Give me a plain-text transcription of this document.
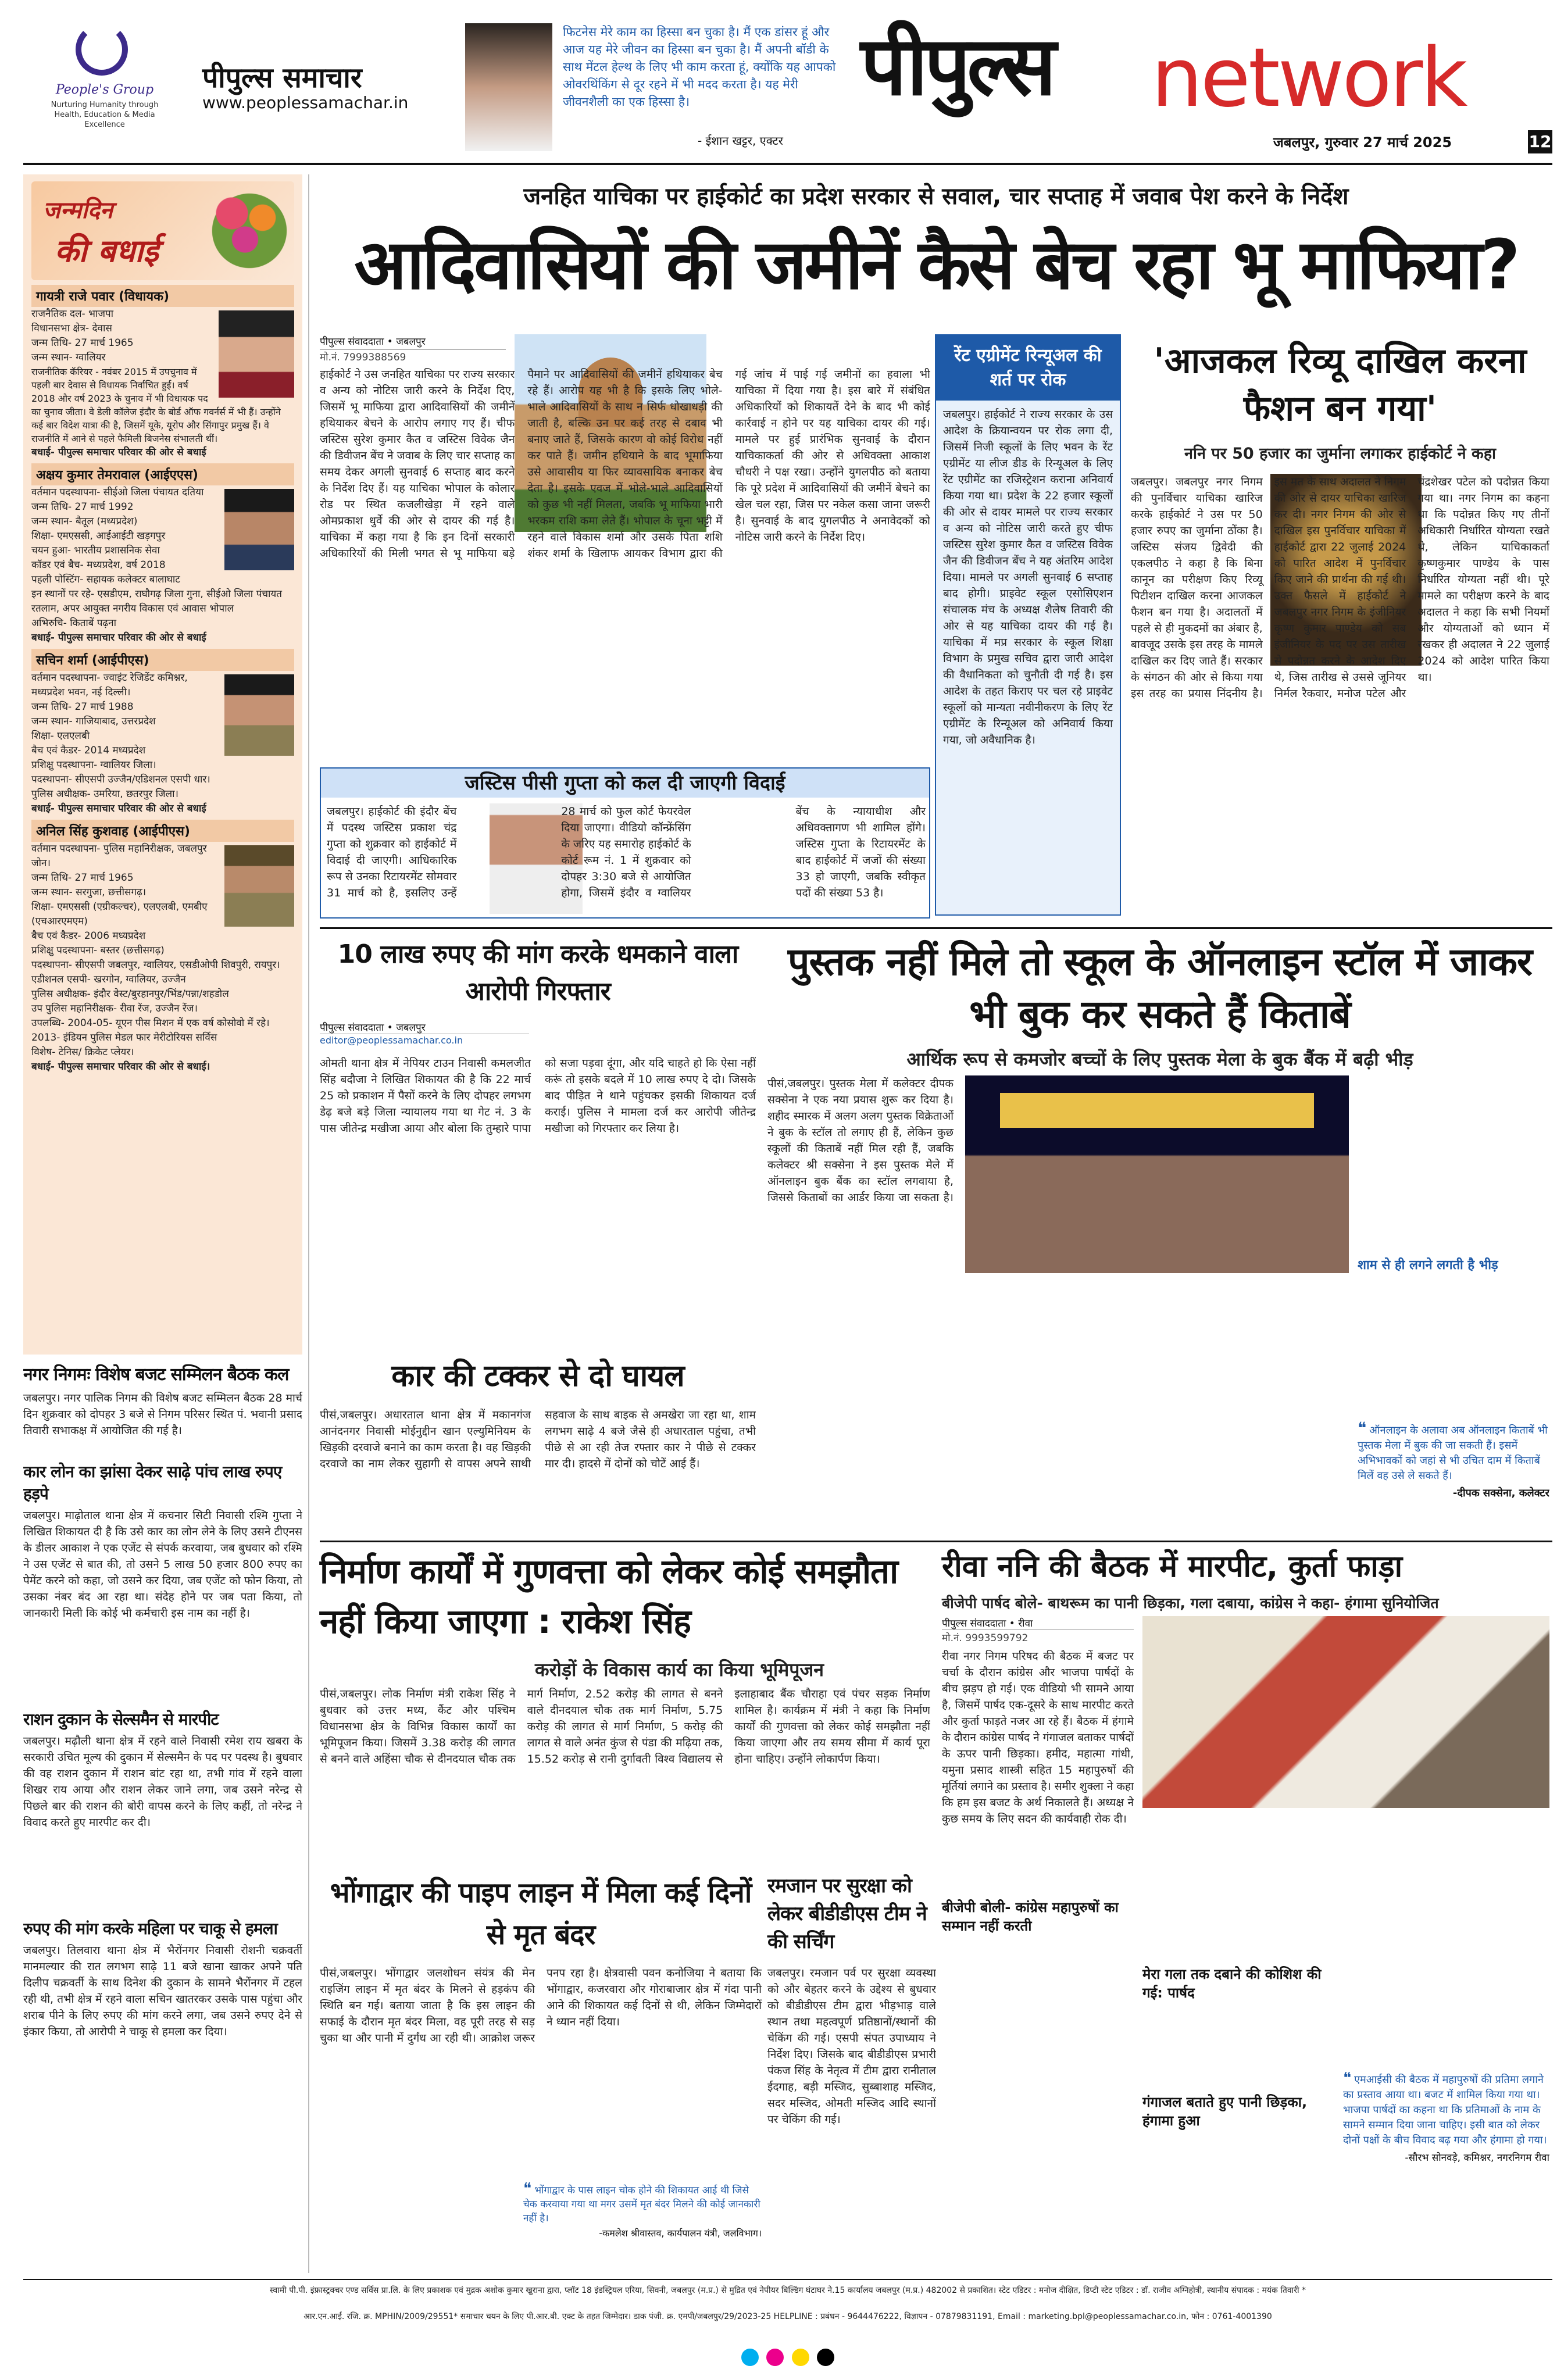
People's Group
Nurturing Humanity through Health, Education & Media Excellence
पीपुल्स समाचार
www.peoplessamachar.in
फिटनेस मेरे काम का हिस्सा बन चुका है। मैं एक डांसर हूं और आज यह मेरे जीवन का हिस्सा बन चुका है। मैं अपनी बॉडी के साथ मेंटल हेल्थ के लिए भी काम करता हूं, क्योंकि यह आपको ओवरथिंकिंग से दूर रहने में भी मदद करता है। यह मेरी जीवनशैली का एक हिस्सा है।
- ईशान खट्टर, एक्टर
पीपुल्स network
जबलपुर, गुरुवार 27 मार्च 2025	12
जन्मदिन
की बधाई
गायत्री राजे पवार (विधायक)
राजनैतिक दल- भाजपा
विधानसभा क्षेत्र- देवास
जन्म तिथि- 27 मार्च 1965
जन्म स्थान- ग्वालियर
राजनीतिक कॅरियर - नवंबर 2015 में उपचुनाव में पहली बार देवास से विधायक निर्वाचित हुई। वर्ष 2018 और वर्ष 2023 के चुनाव में भी विधायक पद का चुनाव जीता। वे डेली कॉलेज इंदौर के बोर्ड ऑफ गवर्नर्स में भी हैं। उन्होंने कई बार विदेश यात्रा की है, जिसमें यूके, यूरोप और सिंगापुर प्रमुख हैं। वे राजनीति में आने से पहले फैमिली बिजनेस संभालती थीं।
बधाई- पीपुल्स समाचार परिवार की ओर से बधाई
अक्षय कुमार तेमरावाल (आईएएस)
वर्तमान पदस्थापना- सीईओ जिला पंचायत दतिया
जन्म तिथि- 27 मार्च 1992
जन्म स्थान- बैतूल (मध्यप्रदेश)
शिक्षा- एमएससी, आईआईटी खड़गपुर
चयन हुआ- भारतीय प्रशासनिक सेवा
कॉडर एवं बैच- मध्यप्रदेश, वर्ष 2018
पहली पोस्टिंग- सहायक कलेक्टर बालाघाट
इन स्थानों पर रहे- एसडीएम, राघौगढ़ जिला गुना, सीईओ जिला पंचायत रतलाम, अपर आयुक्त नगरीय विकास एवं आवास भोपाल
अभिरुचि- किताबें पढ़ना
बधाई- पीपुल्स समाचार परिवार की ओर से बधाई
सचिन शर्मा (आईपीएस)
वर्तमान पदस्थापना- ज्वाइंट रेजिडेंट कमिश्नर, मध्यप्रदेश भवन, नई दिल्ली।
जन्म तिथि- 27 मार्च 1988
जन्म स्थान- गाजियाबाद, उत्तरप्रदेश
शिक्षा- एलएलबी
बैच एवं कैडर- 2014 मध्यप्रदेश
प्रशिक्षु पदस्थापना- ग्वालियर जिला।
पदस्थापना- सीएसपी उज्जैन/एडिशनल एसपी धार।
पुलिस अधीक्षक- उमरिया, छतरपुर जिला।
बधाई- पीपुल्स समाचार परिवार की ओर से बधाई
अनिल सिंह कुशवाह (आईपीएस)
वर्तमान पदस्थापना- पुलिस महानिरीक्षक, जबलपुर जोन।
जन्म तिथि- 27 मार्च 1965
जन्म स्थान- सरगुजा, छत्तीसगढ़।
शिक्षा- एमएससी (एग्रीकल्चर), एलएलबी, एमबीए (एचआरएमएम)
बैच एवं कैडर- 2006 मध्यप्रदेश
प्रशिक्षु पदस्थापना- बस्तर (छत्तीसगढ़)
पदस्थापना- सीएसपी जबलपुर, ग्वालियर, एसडीओपी शिवपुरी, रायपुर।
एडीशनल एसपी- खरगोन, ग्वालियर, उज्जैन
पुलिस अधीक्षक- इंदौर वेस्ट/बुरहानपुर/भिंड/पन्ना/शहडोल
उप पुलिस महानिरीक्षक- रीवा रेंज, उज्जैन रेंज।
उपलब्धि- 2004-05- यूएन पीस मिशन में एक वर्ष कोसोवो में रहे।
2013- इंडियन पुलिस मेडल फार मेरीटोरियस सर्विस
विशेष- टेनिस/ क्रिकेट प्लेयर।
बधाई- पीपुल्स समाचार परिवार की ओर से बधाई।
नगर निगमः विशेष बजट सम्मिलन बैठक कल
जबलपुर। नगर पालिक निगम की विशेष बजट सम्मिलन बैठक 28 मार्च दिन शुक्रवार को दोपहर 3 बजे से निगम परिसर स्थित पं. भवानी प्रसाद तिवारी सभाकक्ष में आयोजित की गई है।
कार लोन का झांसा देकर साढ़े पांच लाख रुपए हड़पे
जबलपुर। माढ़ोताल थाना क्षेत्र में कचनार सिटी निवासी रश्मि गुप्ता ने लिखित शिकायत दी है कि उसे कार का लोन लेने के लिए उसने टीएनस के डीलर आकाश ने एक एजेंट से संपर्क करवाया, जब बुधवार को रश्मि ने उस एजेंट से बात की, तो उसने 5 लाख 50 हजार 800 रुपए का पेमेंट करने को कहा, जो उसने कर दिया, जब एजेंट को फोन किया, तो उसका नंबर बंद आ रहा था। संदेह होने पर जब पता किया, तो जानकारी मिली कि कोई भी कर्मचारी इस नाम का नहीं है।
राशन दुकान के सेल्समैन से मारपीट
जबलपुर। मढ़ौली थाना क्षेत्र में रहने वाले निवासी रमेश राय खबरा के सरकारी उचित मूल्य की दुकान में सेल्समैन के पद पर पदस्थ है। बुधवार की वह राशन दुकान में राशन बांट रहा था, तभी गांव में रहने वाला शिखर राय आया और राशन लेकर जाने लगा, जब उसने नरेन्द्र से पिछले बार की राशन की बोरी वापस करने के लिए कहीं, तो नरेन्द्र ने विवाद करते हुए मारपीट कर दी।
रुपए की मांग करके महिला पर चाकू से हमला
जबलपुर। तिलवारा थाना क्षेत्र में भैरोंनगर निवासी रोशनी चक्रवर्ती मानमल्यार की रात लगभग साढ़े 11 बजे खाना खाकर अपने पति दिलीप चक्रवर्ती के साथ दिनेश की दुकान के सामने भैरोंनगर में टहल रही थी, तभी क्षेत्र में रहने वाला सचिन खातरकर उसके पास पहुंचा और शराब पीने के लिए रुपए की मांग करने लगा, जब उसने रुपए देने से इंकार किया, तो आरोपी ने चाकू से हमला कर दिया।
जनहित याचिका पर हाईकोर्ट का प्रदेश सरकार से सवाल, चार सप्ताह में जवाब पेश करने के निर्देश
आदिवासियों की जमीनें कैसे बेच रहा भू माफिया?
पीपुल्स संवाददाता • जबलपुर
मो.नं. 7999388569
हाईकोर्ट ने उस जनहित याचिका पर राज्य सरकार व अन्य को नोटिस जारी करने के निर्देश दिए, जिसमें भू माफिया द्वारा आदिवासियों की जमीनें हथियाकर बेचने के आरोप लगाए गए हैं। चीफ जस्टिस सुरेश कुमार कैत व जस्टिस विवेक जैन की डिवीजन बेंच ने जवाब के लिए चार सप्ताह का समय देकर अगली सुनवाई 6 सप्ताह बाद करने के निर्देश दिए हैं। यह याचिका भोपाल के कोलार रोड पर स्थित कजलीखेड़ा में रहने वाले ओमप्रकाश धुर्वे की ओर से दायर की गई है। याचिका में कहा गया है कि इन दिनों सरकारी अधिकारियों की मिली भगत से भू माफिया बड़े पैमाने पर आदिवासियों की जमीनें हथियाकर बेच रहे हैं। आरोप यह भी है कि इसके लिए भोले-भाले आदिवासियों के साथ न सिर्फ धोखाधड़ी की जाती है, बल्कि उन पर कई तरह से दबाव भी बनाए जाते हैं, जिसके कारण वो कोई विरोध नहीं कर पाते हैं। जमीन हथियाने के बाद भूमाफिया उसे आवासीय या फिर व्यावसायिक बनाकर बेच देता है। इसके एवज में भोले-भाले आदिवासियों को कुछ भी नहीं मिलता, जबकि भू माफिया भारी भरकम राशि कमा लेते हैं। भोपाल के चूना भट्टी में रहने वाले विकास शर्मा और उसके पिता शशि शंकर शर्मा के खिलाफ आयकर विभाग द्वारा की गई जांच में पाई गई जमीनों का हवाला भी याचिका में दिया गया है। इस बारे में संबंधित अधिकारियों को शिकायतें देने के बाद भी कोई कार्रवाई न होने पर यह याचिका दायर की गई। मामले पर हुई प्रारंभिक सुनवाई के दौरान याचिकाकर्ता की ओर से अधिवक्ता आकाश चौधरी ने पक्ष रखा। उन्होंने युगलपीठ को बताया कि पूरे प्रदेश में आदिवासियों की जमीनें बेचने का खेल चल रहा, जिस पर नकेल कसा जाना जरूरी है। सुनवाई के बाद युगलपीठ ने अनावेदकों को नोटिस जारी करने के निर्देश दिए।
रेंट एग्रीमेंट रिन्यूअल की शर्त पर रोक
जबलपुर। हाईकोर्ट ने राज्य सरकार के उस आदेश के क्रियान्वयन पर रोक लगा दी, जिसमें निजी स्कूलों के लिए भवन के रेंट एग्रीमेंट या लीज डीड के रिन्यूअल के लिए रेंट एग्रीमेंट का रजिस्ट्रेशन कराना अनिवार्य किया गया था। प्रदेश के 22 हजार स्कूलों की ओर से दायर मामले पर राज्य सरकार व अन्य को नोटिस जारी करते हुए चीफ जस्टिस सुरेश कुमार कैत व जस्टिस विवेक जैन की डिवीजन बेंच ने यह अंतरिम आदेश दिया। मामले पर अगली सुनवाई 6 सप्ताह बाद होगी। प्राइवेट स्कूल एसोसिएशन संचालक मंच के अध्यक्ष शैलेष तिवारी की ओर से यह याचिका दायर की गई है। याचिका में मप्र सरकार के स्कूल शिक्षा विभाग के प्रमुख सचिव द्वारा जारी आदेश की वैधानिकता को चुनौती दी गई है। इस आदेश के तहत किराए पर चल रहे प्राइवेट स्कूलों को मान्यता नवीनीकरण के लिए रेंट एग्रीमेंट के रिन्यूअल को अनिवार्य किया गया, जो अवैधानिक है।
'आजकल रिव्यू दाखिल करना फैशन बन गया'
ननि पर 50 हजार का जुर्माना लगाकर हाईकोर्ट ने कहा
जबलपुर। जबलपुर नगर निगम की पुनर्विचार याचिका खारिज करके हाईकोर्ट ने उस पर 50 हजार रुपए का जुर्माना ठोंका है। जस्टिस संजय द्विवेदी की एकलपीठ ने कहा है कि बिना कानून का परीक्षण किए रिव्यू पिटीशन दाखिल करना आजकल फैशन बन गया है। अदालतों में पहले से ही मुकदमों का अंबार है, बावजूद उसके इस तरह के मामले दाखिल कर दिए जाते हैं। सरकार के संगठन की ओर से किया गया इस तरह का प्रयास निंदनीय है। इस मत के साथ अदालत ने निगम की ओर से दायर याचिका खारिज कर दी। नगर निगम की ओर से दाखिल इस पुनर्विचार याचिका में हाईकोर्ट द्वारा 22 जुलाई 2024 को पारित आदेश में पुनर्विचार किए जाने की प्रार्थना की गई थी। उक्त फैसले में हाईकोर्ट ने जबलपुर नगर निगम के इंजीनियर कृष्ण कुमार पाण्डेय को सब इंजीनियर के पद पर उस तारीख से पदोन्नत करने के आदेश दिए थे, जिस तारीख से उससे जूनियर निर्मल रैकवार, मनोज पटेल और चंद्रशेखर पटेल को पदोन्नत किया गया था। नगर निगम का कहना था कि पदोन्नत किए गए तीनों अधिकारी निर्धारित योग्यता रखते थे, लेकिन याचिकाकर्ता कृष्णकुमार पाण्डेय के पास निर्धारित योग्यता नहीं थी। पूरे मामले का परीक्षण करने के बाद अदालत ने कहा कि सभी नियमों और योग्यताओं को ध्यान में रखकर ही अदालत ने 22 जुलाई 2024 को आदेश पारित किया था।
जस्टिस पीसी गुप्ता को कल दी जाएगी विदाई
जबलपुर। हाईकोर्ट की इंदौर बेंच में पदस्थ जस्टिस प्रकाश चंद्र गुप्ता को शुक्रवार को हाईकोर्ट में विदाई दी जाएगी। आधिकारिक रूप से उनका रिटायरमेंट सोमवार 31 मार्च को है, इसलिए उन्हें 28 मार्च को फुल कोर्ट फेयरवेल दिया जाएगा। वीडियो कॉन्फ्रेंसिंग के जरिए यह समारोह हाईकोर्ट के कोर्ट रूम नं. 1 में शुक्रवार को दोपहर 3:30 बजे से आयोजित होगा, जिसमें इंदौर व ग्वालियर बेंच के न्यायाधीश और अधिवक्तागण भी शामिल होंगे। जस्टिस गुप्ता के रिटायरमेंट के बाद हाईकोर्ट में जजों की संख्या 33 हो जाएगी, जबकि स्वीकृत पदों की संख्या 53 है।
10 लाख रुपए की मांग करके धमकाने वाला आरोपी गिरफ्तार
पीपुल्स संवाददाता • जबलपुर
editor@peoplessamachar.co.in
ओमती थाना क्षेत्र में नेपियर टाउन निवासी कमलजीत सिंह बदौजा ने लिखित शिकायत की है कि 22 मार्च 25 को प्रकाशन में पैसों करने के लिए दोपहर लगभग डेढ़ बजे बड़े जिला न्यायालय गया था गेट नं. 3 के पास जीतेन्द्र मखीजा आया और बोला कि तुम्हारे पापा को सजा पड़वा दूंगा, और यदि चाहते हो कि ऐसा नहीं करूं तो इसके बदले में 10 लाख रुपए दे दो। जिसके बाद पीड़ित ने थाने पहुंचकर इसकी शिकायत दर्ज कराई। पुलिस ने मामला दर्ज कर आरोपी जीतेन्द्र मखीजा को गिरफ्तार कर लिया है।
पुस्तक नहीं मिले तो स्कूल के ऑनलाइन स्टॉल में जाकर भी बुक कर सकते हैं किताबें
आर्थिक रूप से कमजोर बच्चों के लिए पुस्तक मेला के बुक बैंक में बढ़ी भीड़
पीसं,जबलपुर। पुस्तक मेला में कलेक्टर दीपक सक्सेना ने एक नया प्रयास शुरू कर दिया है। शहीद स्मारक में अलग अलग पुस्तक विक्रेताओं ने बुक के स्टॉल तो लगाए ही हैं, लेकिन कुछ स्कूलों की किताबें नहीं मिल रही हैं, जबकि कलेक्टर श्री सक्सेना ने इस पुस्तक मेले में ऑनलाइन बुक बैंक का स्टॉल लगवाया है, जिससे किताबों का आर्डर किया जा सकता है।
शाम से ही लगने लगती है भीड़
❝ ऑनलाइन के अलावा अब ऑनलाइन किताबें भी पुस्तक मेला में बुक की जा सकती हैं। इसमें अभिभावकों को जहां से भी उचित दाम में किताबें मिलें वह उसे ले सकते हैं।
-दीपक सक्सेना, कलेक्टर
कार की टक्कर से दो घायल
पीसं,जबलपुर। अधारताल थाना क्षेत्र में मकानगंज आनंदनगर निवासी मोईनुद्दीन खान एल्युमिनियम के खिड़की दरवाजे बनाने का काम करता है। वह खिड़की दरवाजे का नाम लेकर सुहागी से वापस अपने साथी सहवाज के साथ बाइक से अमखेरा जा रहा था, शाम लगभग साढ़े 4 बजे जैसे ही अधारताल पहुंचा, तभी पीछे से आ रही तेज रफ्तार कार ने पीछे से टक्कर मार दी। हादसे में दोनों को चोटें आई हैं।
निर्माण कार्यों में गुणवत्ता को लेकर कोई समझौता नहीं किया जाएगा : राकेश सिंह
करोड़ों के विकास कार्य का किया भूमिपूजन
पीसं,जबलपुर। लोक निर्माण मंत्री राकेश सिंह ने बुधवार को उत्तर मध्य, कैंट और पश्चिम विधानसभा क्षेत्र के विभिन्न विकास कार्यों का भूमिपूजन किया। जिसमें 3.38 करोड़ की लागत से बनने वाले अहिंसा चौक से दीनदयाल चौक तक मार्ग निर्माण, 2.52 करोड़ की लागत से बनने वाले दीनदयाल चौक तक मार्ग निर्माण, 5.75 करोड़ की लागत से मार्ग निर्माण, 5 करोड़ की लागत से वाले अनंत कुंज से पंडा की मढ़िया तक, 15.52 करोड़ से रानी दुर्गावती विश्व विद्यालय से इलाहाबाद बैंक चौराहा एवं पंचर सड़क निर्माण शामिल है। कार्यक्रम में मंत्री ने कहा कि निर्माण कार्यों की गुणवत्ता को लेकर कोई समझौता नहीं किया जाएगा और तय समय सीमा में कार्य पूरा होना चाहिए। उन्होंने लोकार्पण किया।
भोंगाद्वार की पाइप लाइन में मिला कई दिनों से मृत बंदर
पीसं,जबलपुर। भोंगाद्वार जलशोधन संयंत्र की मेन राइजिंग लाइन में मृत बंदर के मिलने से हड़कंप की स्थिति बन गई। बताया जाता है कि इस लाइन की सफाई के दौरान मृत बंदर मिला, वह पूरी तरह से सड़ चुका था और पानी में दुर्गंध आ रही थी। आक्रोश जरूर पनप रहा है। क्षेत्रवासी पवन कनोजिया ने बताया कि भोंगाद्वार, कजरवारा और गोराबाजार क्षेत्र में गंदा पानी आने की शिकायत कई दिनों से थी, लेकिन जिम्मेदारों ने ध्यान नहीं दिया।
❝ भोंगाद्वार के पास लाइन चोक होने की शिकायत आई थी जिसे चेक करवाया गया था मगर उसमें मृत बंदर मिलने की कोई जानकारी नहीं है।
-कमलेश श्रीवास्तव, कार्यपालन यंत्री, जलविभाग।
रमजान पर सुरक्षा को लेकर बीडीडीएस टीम ने की सर्चिंग
जबलपुर। रमजान पर्व पर सुरक्षा व्यवस्था को और बेहतर करने के उद्देश्य से बुधवार को बीडीडीएस टीम द्वारा भीड़भाड़ वाले स्थान तथा महत्वपूर्ण प्रतिष्ठानों/स्थानों की चेकिंग की गई। एसपी संपत उपाध्याय ने निर्देश दिए। जिसके बाद बीडीडीएस प्रभारी पंकज सिंह के नेतृत्व में टीम द्वारा रानीताल ईदगाह, बड़ी मस्जिद, सुब्बाशाह मस्जिद, सदर मस्जिद, ओमती मस्जिद आदि स्थानों पर चेकिंग की गई।
रीवा ननि की बैठक में मारपीट, कुर्ता फाड़ा
बीजेपी पार्षद बोले- बाथरूम का पानी छिड़का, गला दबाया, कांग्रेस ने कहा- हंगामा सुनियोजित
पीपुल्स संवाददाता • रीवा
मो.नं. 9993599792
रीवा नगर निगम परिषद की बैठक में बजट पर चर्चा के दौरान कांग्रेस और भाजपा पार्षदों के बीच झड़प हो गई। एक वीडियो भी सामने आया है, जिसमें पार्षद एक-दूसरे के साथ मारपीट करते और कुर्ता फाड़ते नजर आ रहे हैं। बैठक में हंगामे के दौरान कांग्रेस पार्षद ने गंगाजल बताकर पार्षदों के ऊपर पानी छिड़का। हमीद, महात्मा गांधी, यमुना प्रसाद शास्त्री सहित 15 महापुरुषों की मूर्तियां लगाने का प्रस्ताव है। समीर शुक्ला ने कहा कि हम इस बजट के अर्थ निकालते हैं। अध्यक्ष ने कुछ समय के लिए सदन की कार्यवाही रोक दी।
बीजेपी बोली- कांग्रेस महापुरुषों का सम्मान नहीं करती
मेरा गला तक दबाने की कोशिश की गई: पार्षद
गंगाजल बताते हुए पानी छिड़का, हंगामा हुआ
❝ एमआईसी की बैठक में महापुरुषों की प्रतिमा लगाने का प्रस्ताव आया था। बजट में शामिल किया गया था। भाजपा पार्षदों का कहना था कि प्रतिमाओं के नाम के सामने सम्मान दिया जाना चाहिए। इसी बात को लेकर दोनों पक्षों के बीच विवाद बढ़ गया और हंगामा हो गया।
-सौरभ सोनवड़े, कमिश्नर, नगरनिगम रीवा
स्वामी पी.पी. इंफ्रास्ट्रक्चर एण्ड सर्विस प्रा.लि. के लिए प्रकाशक एवं मुद्रक अशोक कुमार खुराना द्वारा, प्लॉट 18 इंडस्ट्रियल एरिया, सिवनी, जबलपुर (म.प्र.) से मुद्रित एवं नेपीयर बिल्डिंग घंटाघर ने.15 कार्यालय जबलपुर (म.प्र.) 482002 से प्रकाशित। स्टेट एडिटर : मनोज दीक्षित, डिप्टी स्टेट एडिटर : डॉ. राजीव अग्निहोत्री, स्थानीय संपादक : मयंक तिवारी *
आर.एन.आई. रजि. क्र. MPHIN/2009/29551* समाचार चयन के लिए पी.आर.बी. एक्ट के तहत जिम्मेदार। डाक पंजी. क्र. एमपी/जबलपुर/29/2023-25 HELPLINE : प्रबंधन - 9644476222, विज्ञापन - 07879831191, Email : marketing.bpl@peoplessamachar.co.in, फोन : 0761-4001390
